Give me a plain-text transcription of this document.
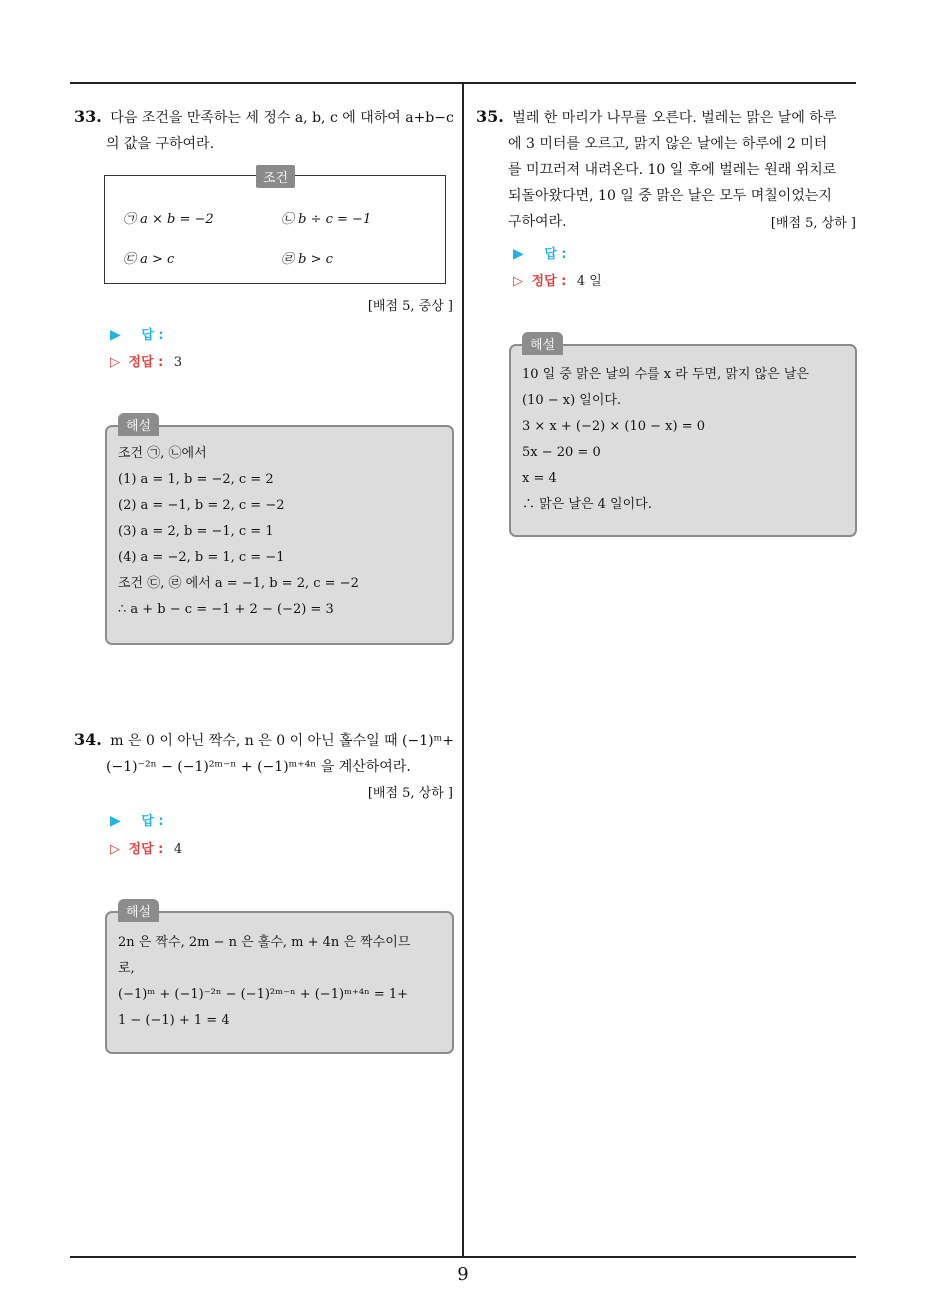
33. 다음 조건을 만족하는 세 정수 a, b, c 에 대하여 a+b−c
의 값을 구하여라.
조건
㉠ a × b = −2	㉡ b ÷ c = −1
㉢ a > c	㉣ b > c
[배점 5, 중상 ]
▶ 답 :
▷ 정답 : 3
해설
조건 ㉠, ㉡에서
(1) a = 1, b = −2, c = 2
(2) a = −1, b = 2, c = −2
(3) a = 2, b = −1, c = 1
(4) a = −2, b = 1, c = −1
조건 ㉢, ㉣ 에서 a = −1, b = 2, c = −2
∴ a + b − c = −1 + 2 − (−2) = 3
34. m 은 0 이 아닌 짝수, n 은 0 이 아닌 홀수일 때 (−1)ᵐ+
(−1)⁻²ⁿ − (−1)²ᵐ⁻ⁿ + (−1)ᵐ⁺⁴ⁿ 을 계산하여라.
[배점 5, 상하 ]
▶ 답 :
▷ 정답 : 4
해설
2n 은 짝수, 2m − n 은 홀수, m + 4n 은 짝수이므
로,
(−1)ᵐ + (−1)⁻²ⁿ − (−1)²ᵐ⁻ⁿ + (−1)ᵐ⁺⁴ⁿ = 1+
1 − (−1) + 1 = 4
35. 벌레 한 마리가 나무를 오른다. 벌레는 맑은 날에 하루
에 3 미터를 오르고, 맑지 않은 날에는 하루에 2 미터
를 미끄러져 내려온다. 10 일 후에 벌레는 원래 위치로
되돌아왔다면, 10 일 중 맑은 날은 모두 며칠이었는지
구하여라.	[배점 5, 상하 ]
▶ 답 :
▷ 정답 : 4 일
해설
10 일 중 맑은 날의 수를 x 라 두면, 맑지 않은 날은
(10 − x) 일이다.
3 × x + (−2) × (10 − x) = 0
5x − 20 = 0
x = 4
∴ 맑은 날은 4 일이다.
9
